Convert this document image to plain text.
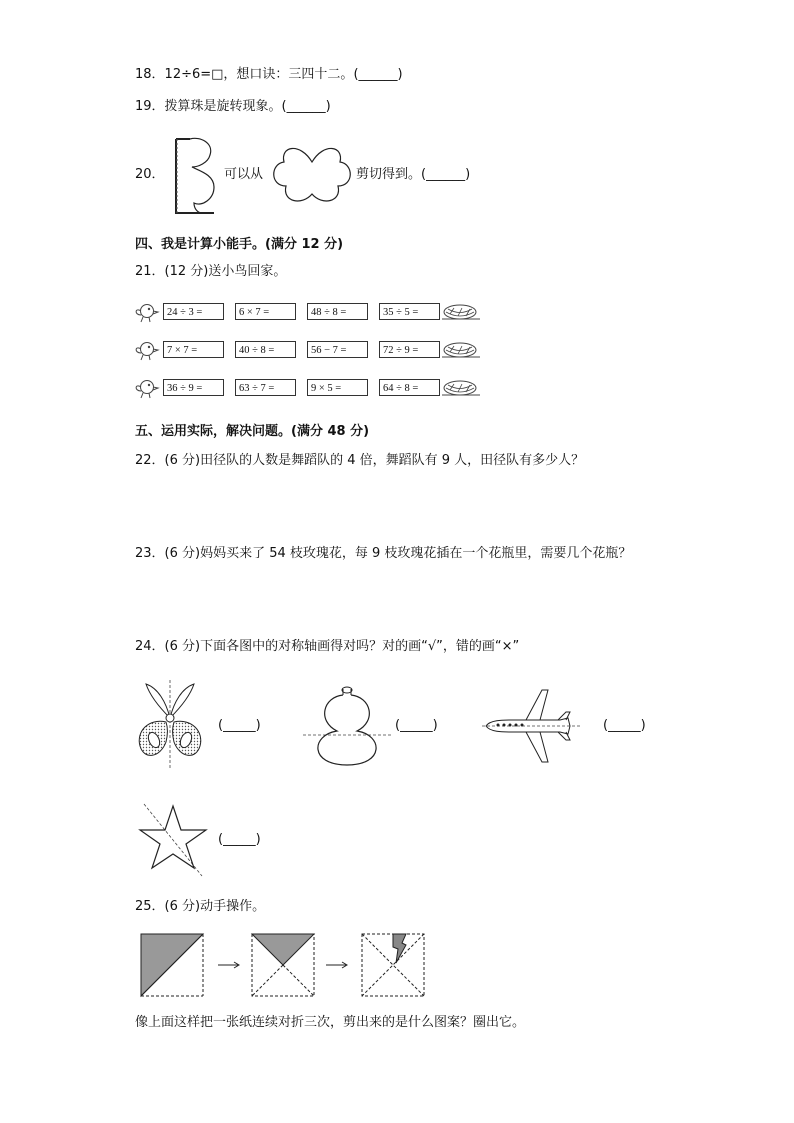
18．12÷6=□，想口诀：三四十二。(______)
19．拨算珠是旋转现象。(______)
20．	可以从	剪切得到。(______)
四、我是计算小能手。(满分 12 分)
21．(12 分)送小鸟回家。
24 ÷ 3 =	6 × 7 =	48 ÷ 8 =	35 ÷ 5 =
7 × 7 =	40 ÷ 8 =	56 − 7 =	72 ÷ 9 =
36 ÷ 9 =	63 ÷ 7 =	9 × 5 =	64 ÷ 8 =
五、运用实际，解决问题。(满分 48 分)
22．(6 分)田径队的人数是舞蹈队的 4 倍，舞蹈队有 9 人，田径队有多少人？
23．(6 分)妈妈买来了 54 枝玫瑰花，每 9 枝玫瑰花插在一个花瓶里，需要几个花瓶？
24．(6 分)下面各图中的对称轴画得对吗？对的画“√”，错的画“×”
(_____)	(_____)	(_____)
(_____)
25．(6 分)动手操作。
像上面这样把一张纸连续对折三次，剪出来的是什么图案？圈出它。
